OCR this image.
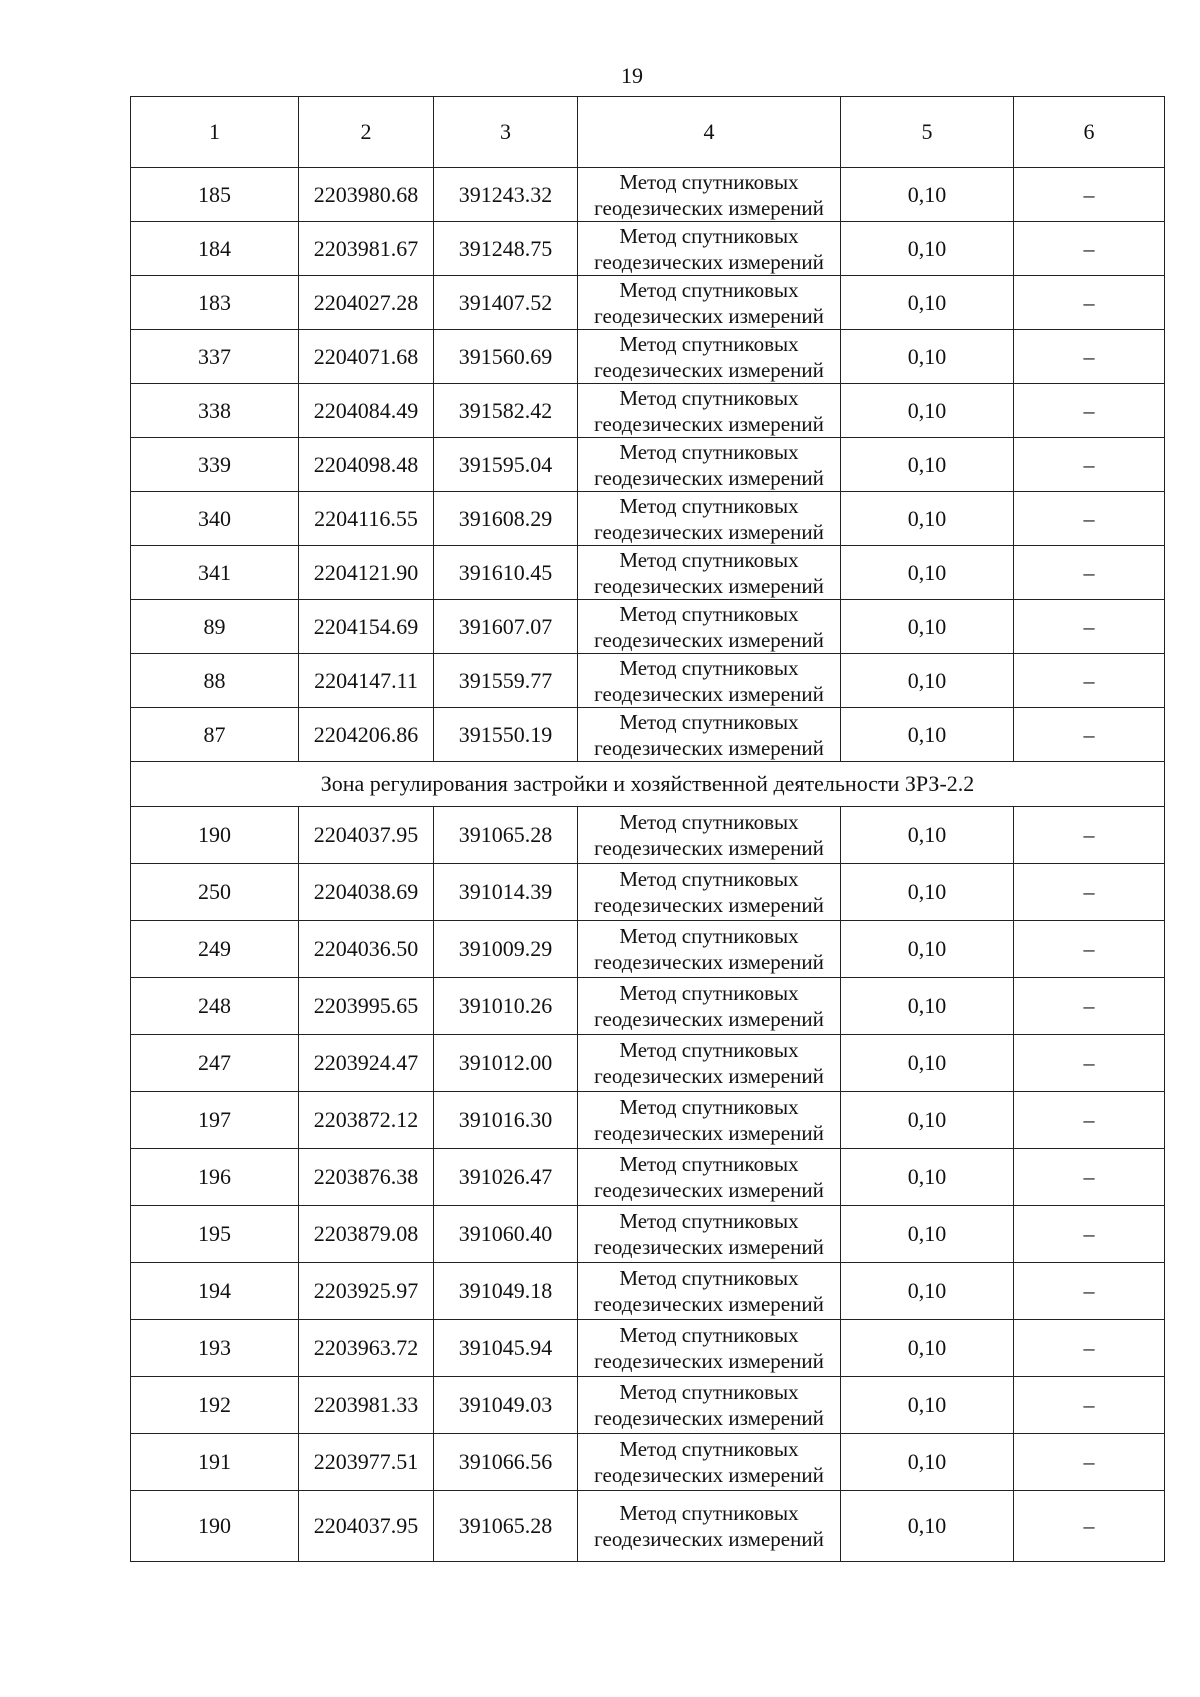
19
1	2	3	4	5	6
185	2203980.68	391243.32	Метод спутниковых
геодезических измерений	0,10	–
184	2203981.67	391248.75	Метод спутниковых
геодезических измерений	0,10	–
183	2204027.28	391407.52	Метод спутниковых
геодезических измерений	0,10	–
337	2204071.68	391560.69	Метод спутниковых
геодезических измерений	0,10	–
338	2204084.49	391582.42	Метод спутниковых
геодезических измерений	0,10	–
339	2204098.48	391595.04	Метод спутниковых
геодезических измерений	0,10	–
340	2204116.55	391608.29	Метод спутниковых
геодезических измерений	0,10	–
341	2204121.90	391610.45	Метод спутниковых
геодезических измерений	0,10	–
89	2204154.69	391607.07	Метод спутниковых
геодезических измерений	0,10	–
88	2204147.11	391559.77	Метод спутниковых
геодезических измерений	0,10	–
87	2204206.86	391550.19	Метод спутниковых
геодезических измерений	0,10	–
Зона регулирования застройки и хозяйственной деятельности ЗРЗ-2.2					
190	2204037.95	391065.28	Метод спутниковых
геодезических измерений	0,10	–
250	2204038.69	391014.39	Метод спутниковых
геодезических измерений	0,10	–
249	2204036.50	391009.29	Метод спутниковых
геодезических измерений	0,10	–
248	2203995.65	391010.26	Метод спутниковых
геодезических измерений	0,10	–
247	2203924.47	391012.00	Метод спутниковых
геодезических измерений	0,10	–
197	2203872.12	391016.30	Метод спутниковых
геодезических измерений	0,10	–
196	2203876.38	391026.47	Метод спутниковых
геодезических измерений	0,10	–
195	2203879.08	391060.40	Метод спутниковых
геодезических измерений	0,10	–
194	2203925.97	391049.18	Метод спутниковых
геодезических измерений	0,10	–
193	2203963.72	391045.94	Метод спутниковых
геодезических измерений	0,10	–
192	2203981.33	391049.03	Метод спутниковых
геодезических измерений	0,10	–
191	2203977.51	391066.56	Метод спутниковых
геодезических измерений	0,10	–
190	2204037.95	391065.28	Метод спутниковых
геодезических измерений	0,10	–
